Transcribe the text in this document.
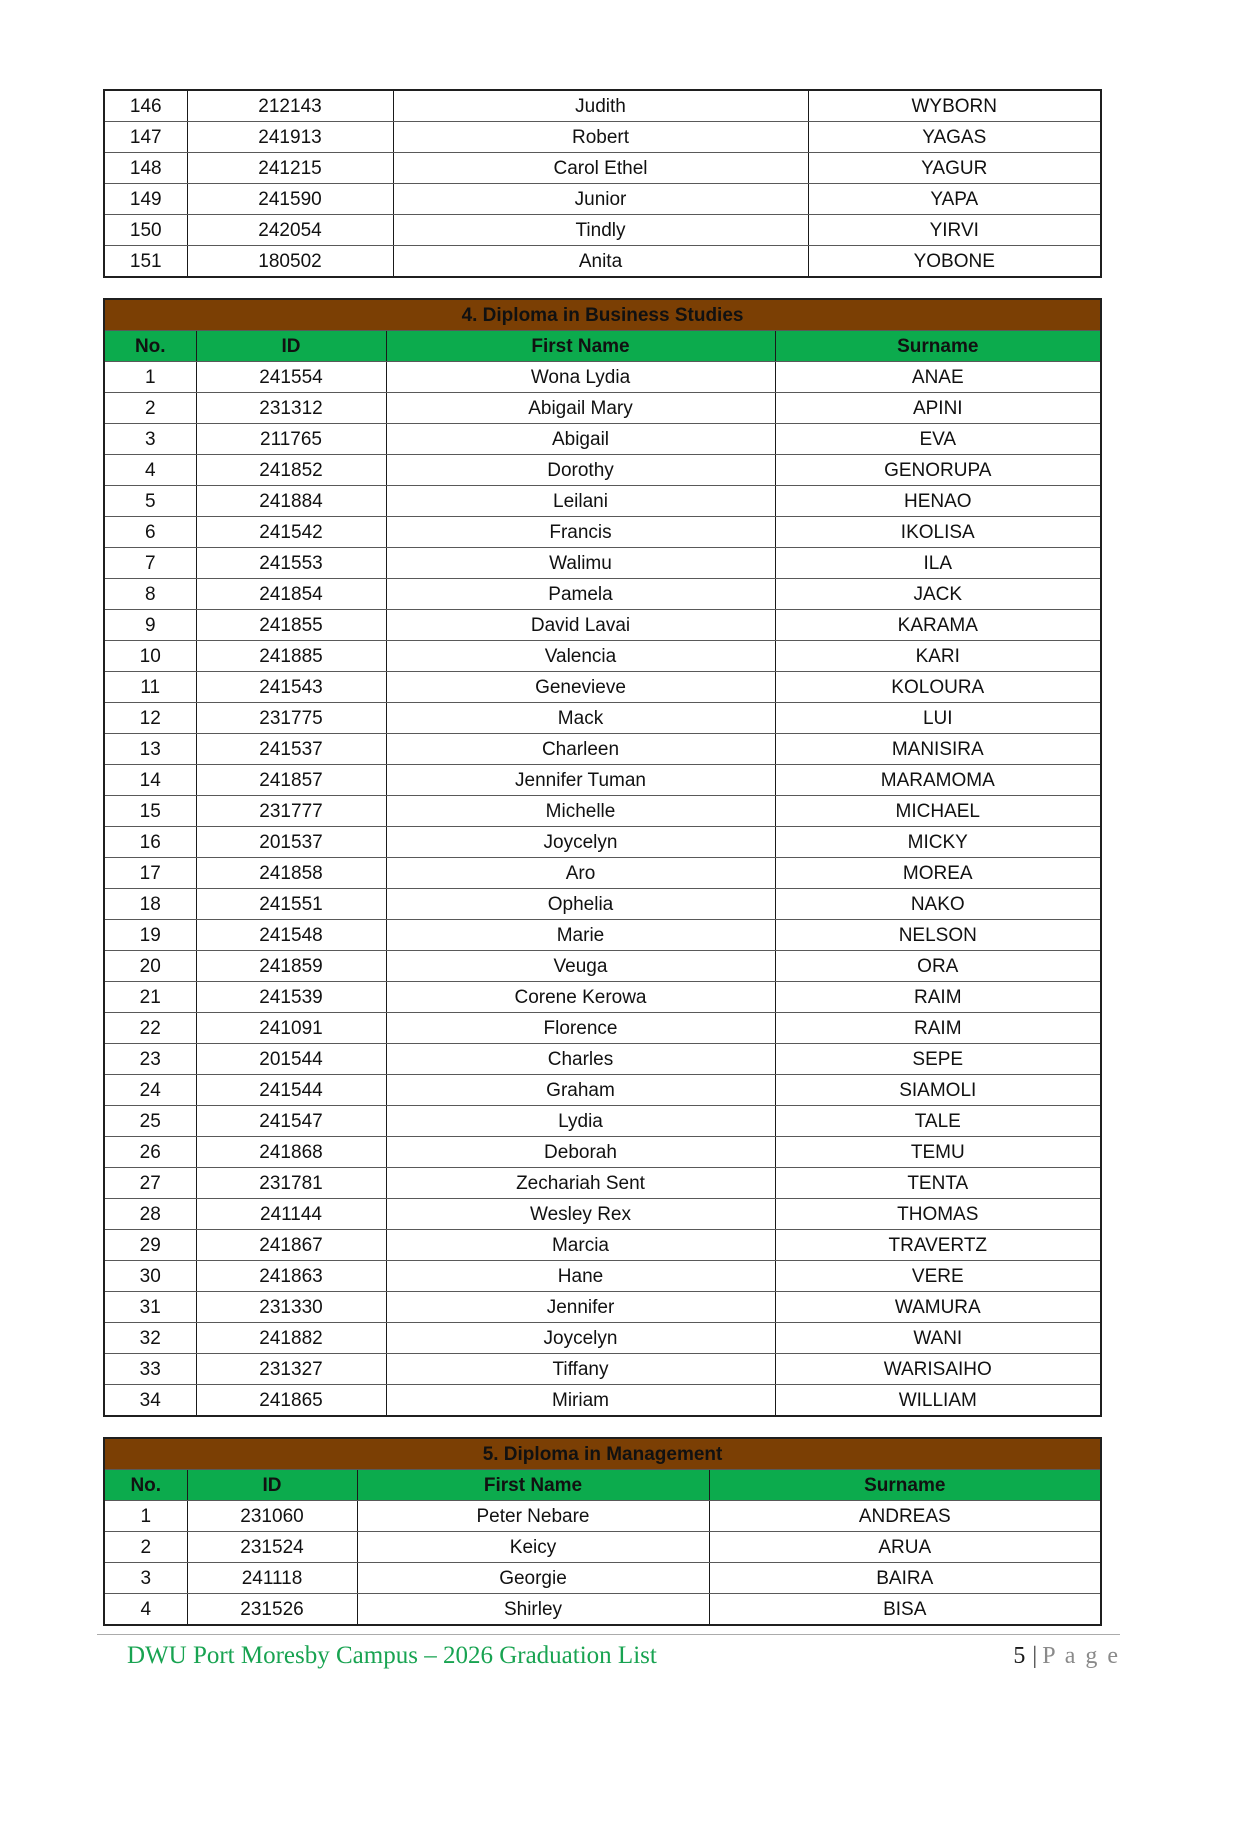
146	212143	Judith	WYBORN
147	241913	Robert	YAGAS
148	241215	Carol Ethel	YAGUR
149	241590	Junior	YAPA
150	242054	Tindly	YIRVI
151	180502	Anita	YOBONE
4. Diploma in Business Studies			
No.	ID	First Name	Surname
1	241554	Wona Lydia	ANAE
2	231312	Abigail Mary	APINI
3	211765	Abigail	EVA
4	241852	Dorothy	GENORUPA
5	241884	Leilani	HENAO
6	241542	Francis	IKOLISA
7	241553	Walimu	ILA
8	241854	Pamela	JACK
9	241855	David Lavai	KARAMA
10	241885	Valencia	KARI
11	241543	Genevieve	KOLOURA
12	231775	Mack	LUI
13	241537	Charleen	MANISIRA
14	241857	Jennifer Tuman	MARAMOMA
15	231777	Michelle	MICHAEL
16	201537	Joycelyn	MICKY
17	241858	Aro	MOREA
18	241551	Ophelia	NAKO
19	241548	Marie	NELSON
20	241859	Veuga	ORA
21	241539	Corene Kerowa	RAIM
22	241091	Florence	RAIM
23	201544	Charles	SEPE
24	241544	Graham	SIAMOLI
25	241547	Lydia	TALE
26	241868	Deborah	TEMU
27	231781	Zechariah Sent	TENTA
28	241144	Wesley Rex	THOMAS
29	241867	Marcia	TRAVERTZ
30	241863	Hane	VERE
31	231330	Jennifer	WAMURA
32	241882	Joycelyn	WANI
33	231327	Tiffany	WARISAIHO
34	241865	Miriam	WILLIAM
5. Diploma in Management			
No.	ID	First Name	Surname
1	231060	Peter Nebare	ANDREAS
2	231524	Keicy	ARUA
3	241118	Georgie	BAIRA
4	231526	Shirley	BISA
DWU Port Moresby Campus – 2026 Graduation List	5 | P a g e
